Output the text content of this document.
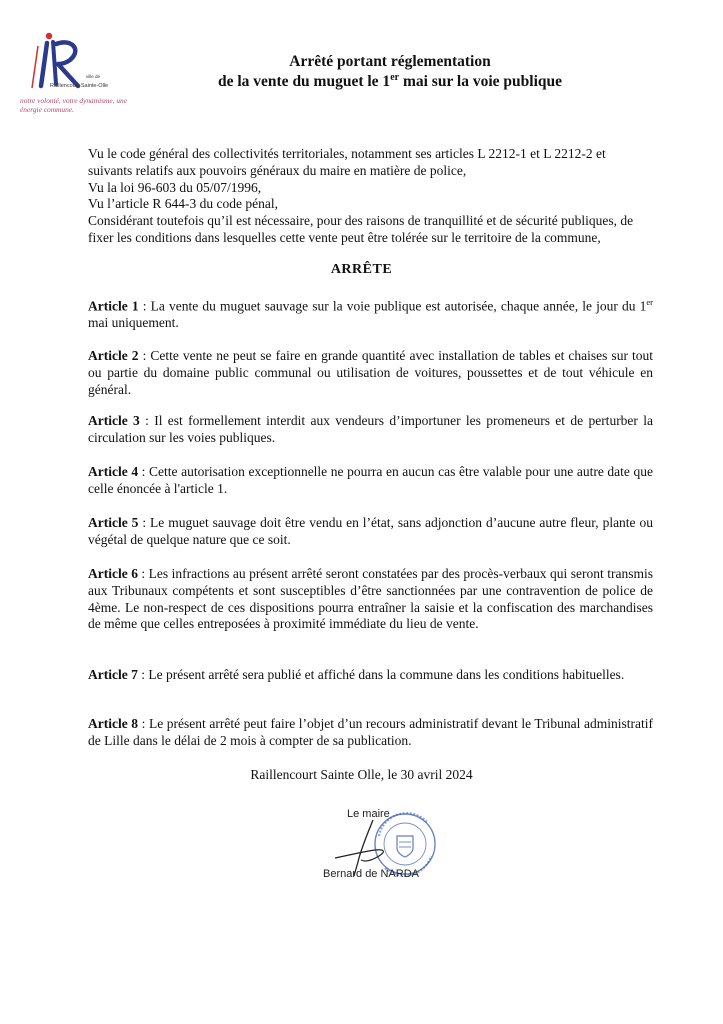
ville de
Raillencourt-Sainte-Olle
notre volonté, votre dynamisme, une énergie commune.
Arrêté portant réglementation
de la vente du muguet le 1er mai sur la voie publique

Vu le code général des collectivités territoriales, notamment ses articles L 2212-1 et L 2212-2 et suivants relatifs aux pouvoirs généraux du maire en matière de police,

Vu la loi 96-603 du 05/07/1996,

Vu l’article R 644-3 du code pénal,

Considérant toutefois qu’il est nécessaire, pour des raisons de tranquillité et de sécurité publiques, de fixer les conditions dans lesquelles cette vente peut être tolérée sur le territoire de la commune,

ARRÊTE

Article 1 : La vente du muguet sauvage sur la voie publique est autorisée, chaque année, le jour du 1er mai uniquement.

Article 2 : Cette vente ne peut se faire en grande quantité avec installation de tables et chaises sur tout ou partie du domaine public communal ou utilisation de voitures, poussettes et de tout véhicule en général.

Article 3 : Il est formellement interdit aux vendeurs d’importuner les promeneurs et de perturber la circulation sur les voies publiques.

Article 4 : Cette autorisation exceptionnelle ne pourra en aucun cas être valable pour une autre date que celle énoncée à l'article 1.

Article 5 : Le muguet sauvage doit être vendu en l’état, sans adjonction d’aucune autre fleur, plante ou végétal de quelque nature que ce soit.

Article 6 : Les infractions au présent arrêté seront constatées par des procès-verbaux qui seront transmis aux Tribunaux compétents et sont susceptibles d’être sanctionnées par une contravention de police de 4ème. Le non-respect de ces dispositions pourra entraîner la saisie et la confiscation des marchandises de même que celles entreposées à proximité immédiate du lieu de vente.

Article 7 : Le présent arrêté sera publié et affiché dans la commune dans les conditions habituelles.

Article 8 : Le présent arrêté peut faire l’objet d’un recours administratif devant le Tribunal administratif de Lille dans le délai de 2 mois à compter de sa publication.

Raillencourt Sainte Olle, le 30 avril 2024
Le maire
Bernard de NARDA
